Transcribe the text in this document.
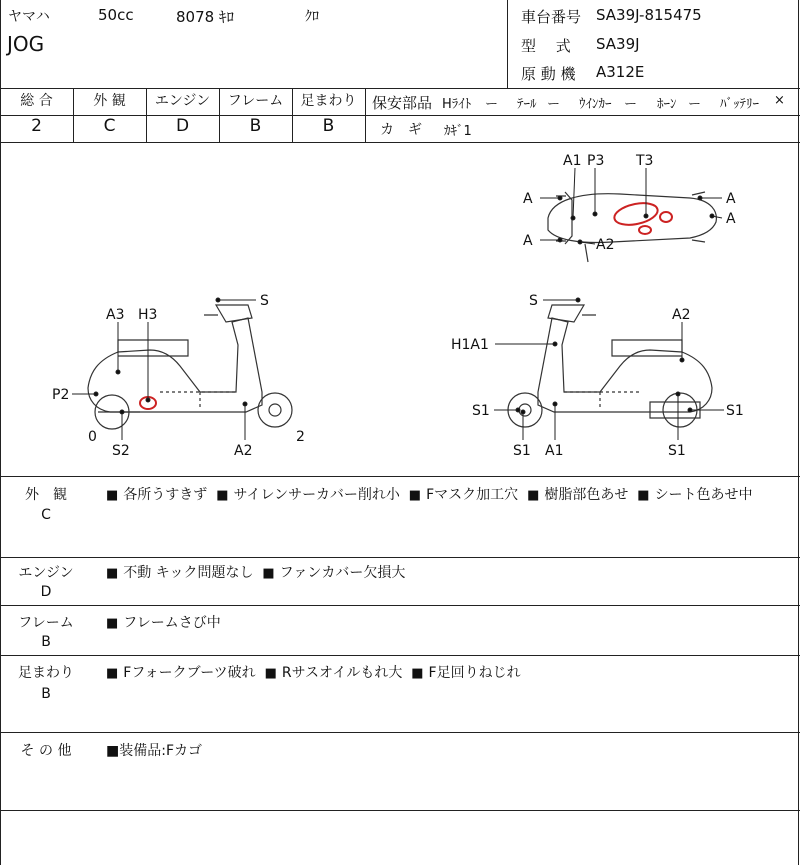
ヤマハ	50cc	8078 ｷﾛ	ｸﾛ
JOG
車台番号 SA39J-815475
型　 式 SA39J
原 動 機 A312E
総 合	外 観	エンジン	フレーム	足まわり
2	C	D	B	B
保安部品 Hﾗｲﾄ ー ﾃｰﾙ ー ｳｲﾝｶｰ ー ﾎｰﾝ ー ﾊﾞｯﾃﾘｰ ×
カ　ギ ｶｷﾞ1
A1 P3 T3
A
A	A2
A
A
S
A3 H3
P2
0
S2	A2
2
S
A2
H1A1
S1
S1 A1
S1
S1
外　観
C
■ 各所うすきず ■ サイレンサーカバー削れ小 ■ Fマスク加工穴 ■ 樹脂部色あせ ■ シート色あせ中
エンジン
D
■ 不動 キック問題なし ■ ファンカバー欠損大
フレーム
B
■ フレームさび中
足まわり
B
■ Fフォークブーツ破れ ■ Rサスオイルもれ大 ■ F足回りねじれ
そ の 他 ■装備品:Fカゴ
